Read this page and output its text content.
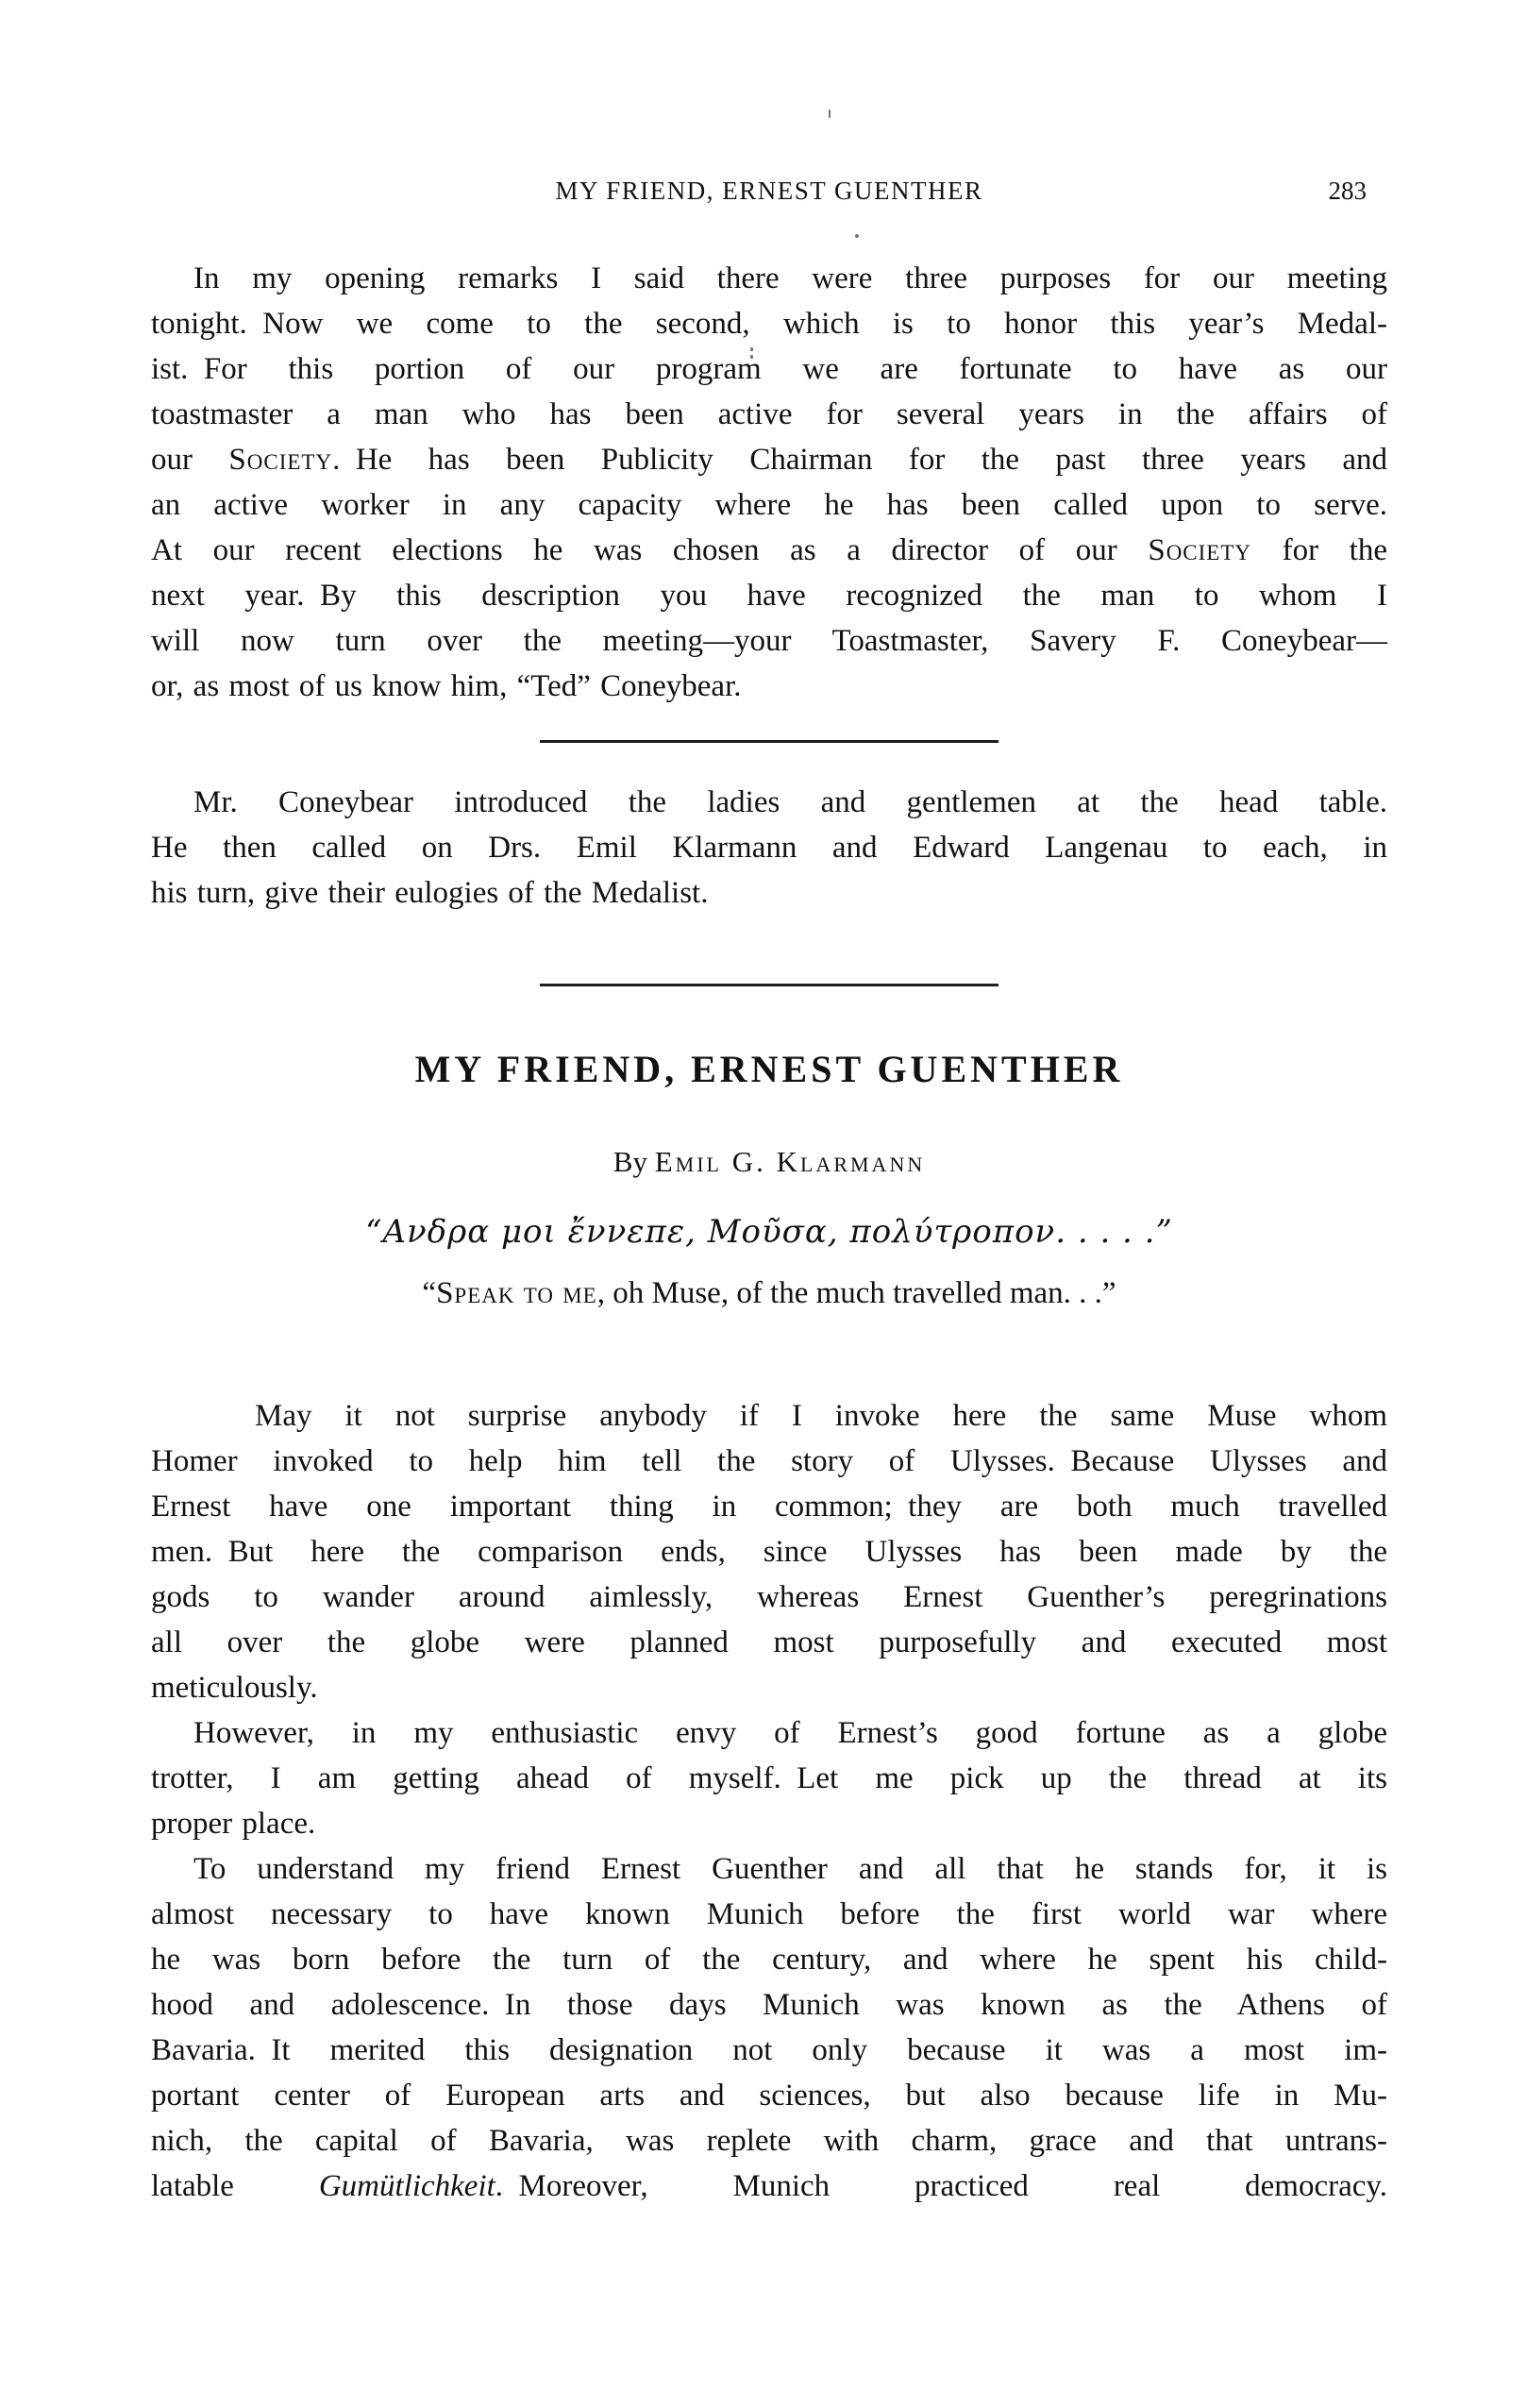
MY FRIEND, ERNEST GUENTHER	283
In my opening remarks I said there were three purposes for our meeting
tonight. Now we come to the second, which is to honor this year’s Medal-
ist. For this portion of our program we are fortunate to have as our
toastmaster a man who has been active for several years in the affairs of
our Society. He has been Publicity Chairman for the past three years and
an active worker in any capacity where he has been called upon to serve.
At our recent elections he was chosen as a director of our Society for the
next year. By this description you have recognized the man to whom I
will now turn over the meeting—your Toastmaster, Savery F. Coneybear—
or, as most of us know him, “Ted” Coneybear.
Mr. Coneybear introduced the ladies and gentlemen at the head table.
He then called on Drs. Emil Klarmann and Edward Langenau to each, in
his turn, give their eulogies of the Medalist.
MY FRIEND, ERNEST GUENTHER
By Emil G. Klarmann
“Ανδρα μοι ἔννεπε, Μοῦσα, πολύτροπον. . . . .”
“Speak to me, oh Muse, of the much travelled man. . .”
May it not surprise anybody if I invoke here the same Muse whom
Homer invoked to help him tell the story of Ulysses. Because Ulysses and
Ernest have one important thing in common; they are both much travelled
men. But here the comparison ends, since Ulysses has been made by the
gods to wander around aimlessly, whereas Ernest Guenther’s peregrinations
all over the globe were planned most purposefully and executed most
meticulously.
However, in my enthusiastic envy of Ernest’s good fortune as a globe
trotter, I am getting ahead of myself. Let me pick up the thread at its
proper place.
To understand my friend Ernest Guenther and all that he stands for, it is
almost necessary to have known Munich before the first world war where
he was born before the turn of the century, and where he spent his child-
hood and adolescence. In those days Munich was known as the Athens of
Bavaria. It merited this designation not only because it was a most im-
portant center of European arts and sciences, but also because life in Mu-
nich, the capital of Bavaria, was replete with charm, grace and that untrans-
latable Gumütlichkeit. Moreover, Munich practiced real democracy.
